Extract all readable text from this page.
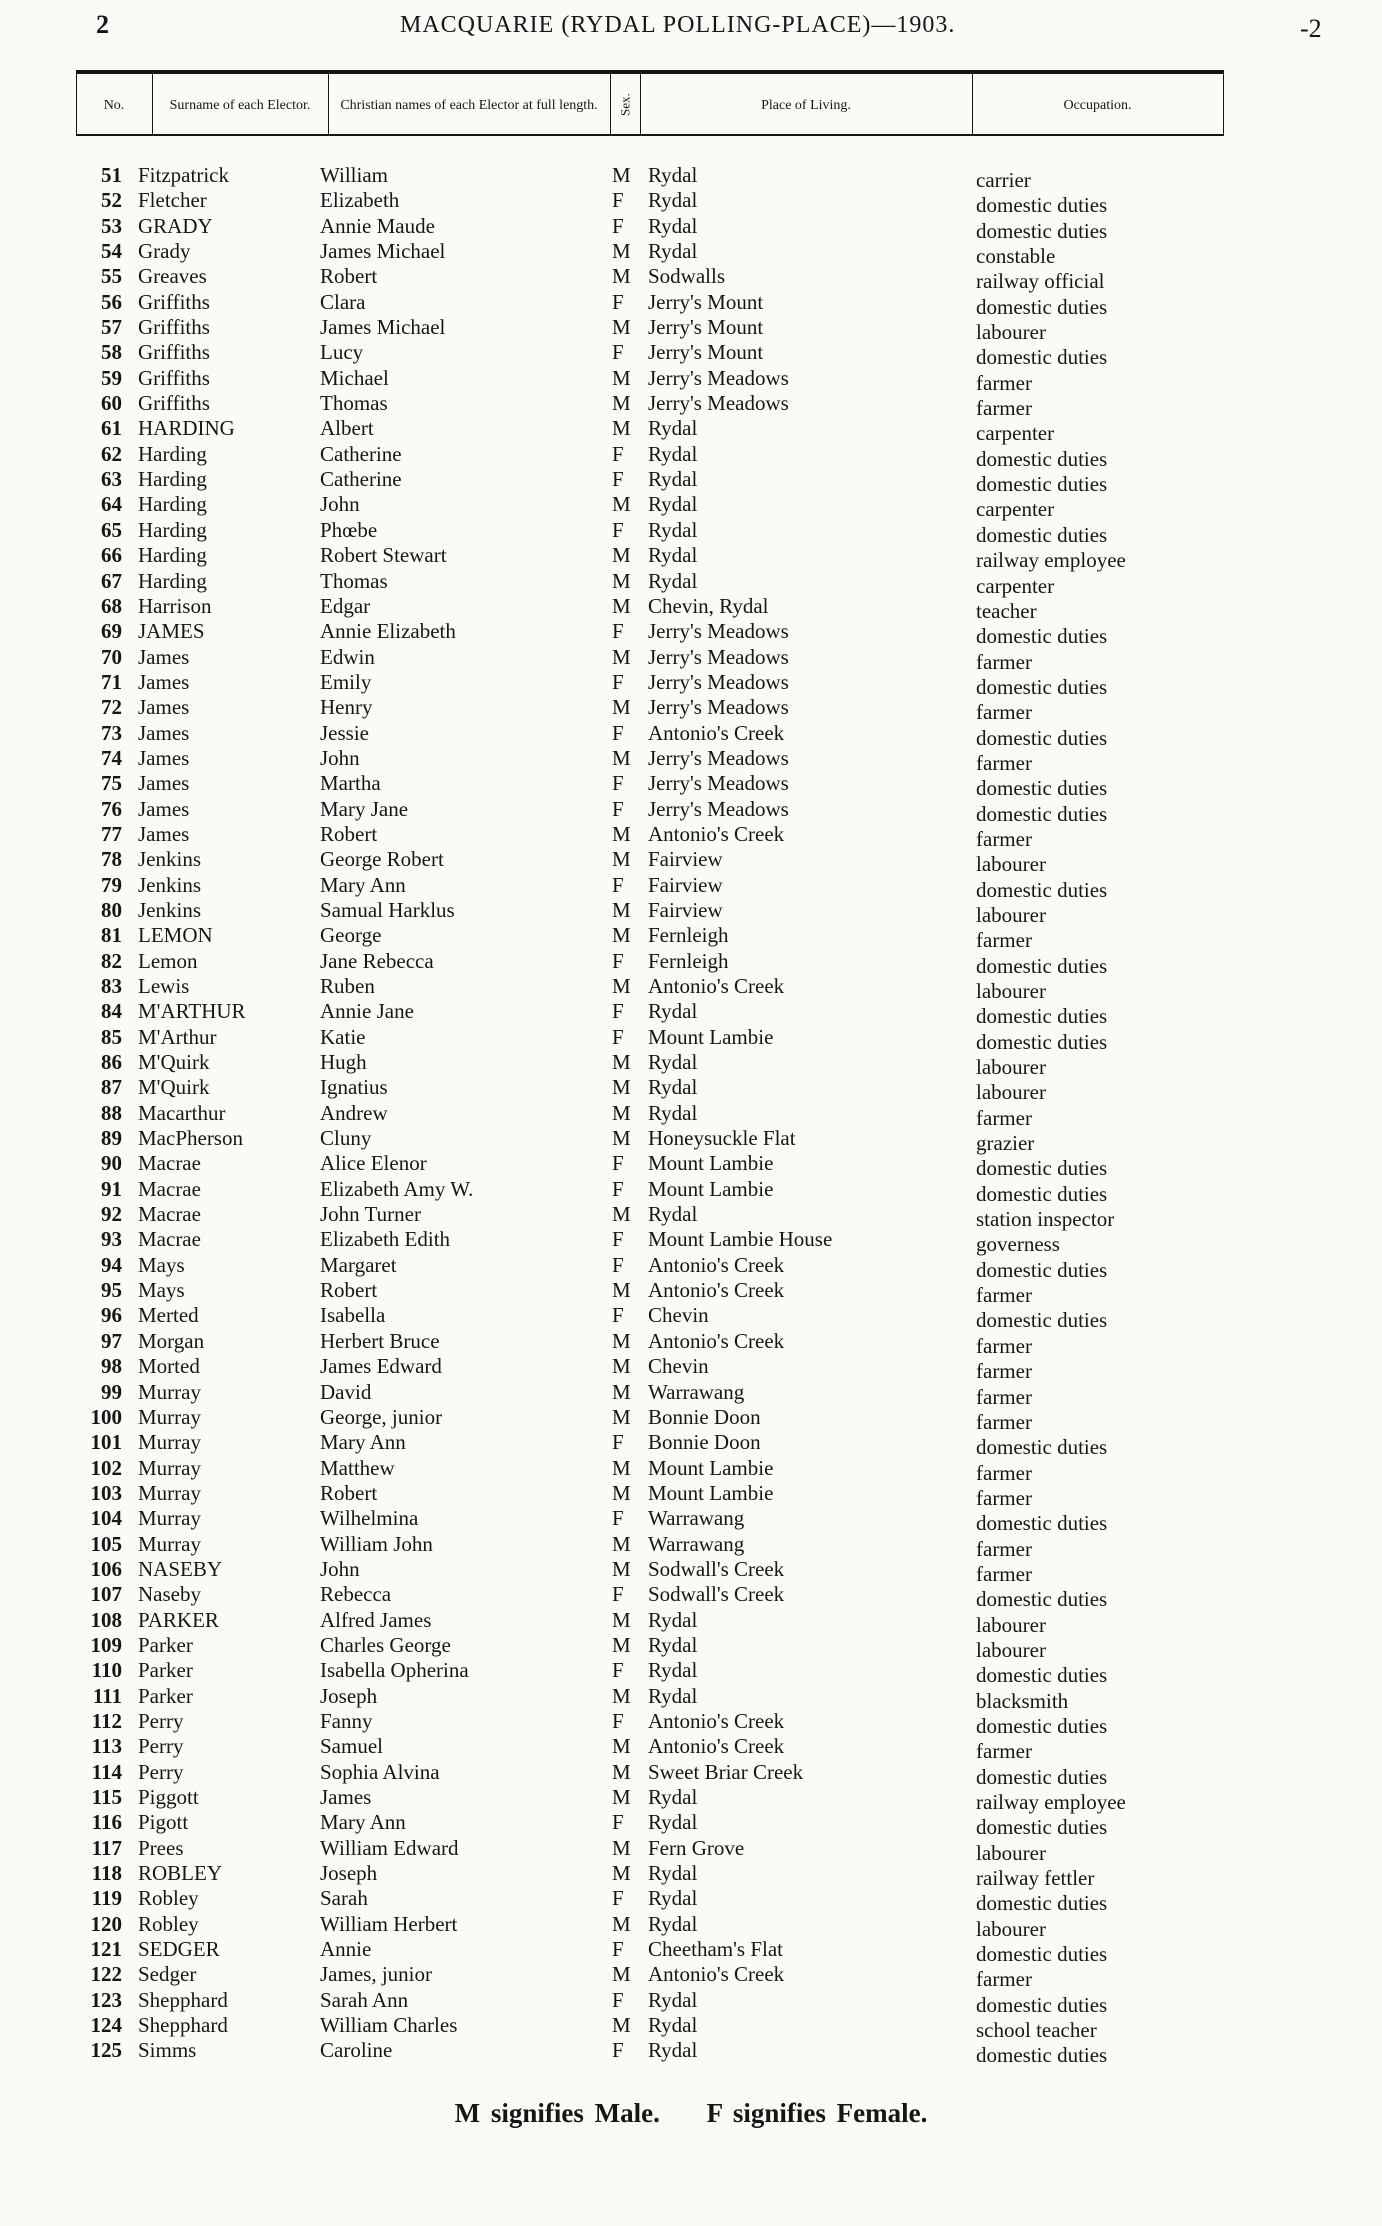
2	MACQUARIE (RYDAL POLLING-PLACE)—1903.	-2
No.	Surname of each Elector.	Christian names of each Elector at full length.	Sex.	Place of Living.	Occupation.
51 Fitzpatrick	William	M Rydal	carrier
52 Fletcher	Elizabeth	F Rydal	domestic duties
53 GRADY	Annie Maude	F Rydal	domestic duties
54 Grady	James Michael	M Rydal	constable
55 Greaves	Robert	M Sodwalls	railway official
56 Griffiths	Clara	F Jerry's Mount	domestic duties
57 Griffiths	James Michael	M Jerry's Mount	labourer
58 Griffiths	Lucy	F Jerry's Mount	domestic duties
59 Griffiths	Michael	M Jerry's Meadows	farmer
60 Griffiths	Thomas	M Jerry's Meadows	farmer
61 HARDING	Albert	M Rydal	carpenter
62 Harding	Catherine	F Rydal	domestic duties
63 Harding	Catherine	F Rydal	domestic duties
64 Harding	John	M Rydal	carpenter
65 Harding	Phœbe	F Rydal	domestic duties
66 Harding	Robert Stewart	M Rydal	railway employee
67 Harding	Thomas	M Rydal	carpenter
68 Harrison	Edgar	M Chevin, Rydal	teacher
69 JAMES	Annie Elizabeth	F Jerry's Meadows	domestic duties
70 James	Edwin	M Jerry's Meadows	farmer
71 James	Emily	F Jerry's Meadows	domestic duties
72 James	Henry	M Jerry's Meadows	farmer
73 James	Jessie	F Antonio's Creek	domestic duties
74 James	John	M Jerry's Meadows	farmer
75 James	Martha	F Jerry's Meadows	domestic duties
76 James	Mary Jane	F Jerry's Meadows	domestic duties
77 James	Robert	M Antonio's Creek	farmer
78 Jenkins	George Robert	M Fairview	labourer
79 Jenkins	Mary Ann	F Fairview	domestic duties
80 Jenkins	Samual Harklus	M Fairview	labourer
81 LEMON	George	M Fernleigh	farmer
82 Lemon	Jane Rebecca	F Fernleigh	domestic duties
83 Lewis	Ruben	M Antonio's Creek	labourer
84 M'ARTHUR	Annie Jane	F Rydal	domestic duties
85 M'Arthur	Katie	F Mount Lambie	domestic duties
86 M'Quirk	Hugh	M Rydal	labourer
87 M'Quirk	Ignatius	M Rydal	labourer
88 Macarthur	Andrew	M Rydal	farmer
89 MacPherson	Cluny	M Honeysuckle Flat	grazier
90 Macrae	Alice Elenor	F Mount Lambie	domestic duties
91 Macrae	Elizabeth Amy W.	F Mount Lambie	domestic duties
92 Macrae	John Turner	M Rydal	station inspector
93 Macrae	Elizabeth Edith	F Mount Lambie House	governess
94 Mays	Margaret	F Antonio's Creek	domestic duties
95 Mays	Robert	M Antonio's Creek	farmer
96 Merted	Isabella	F Chevin	domestic duties
97 Morgan	Herbert Bruce	M Antonio's Creek	farmer
98 Morted	James Edward	M Chevin	farmer
99 Murray	David	M Warrawang	farmer
100 Murray	George, junior	M Bonnie Doon	farmer
101 Murray	Mary Ann	F Bonnie Doon	domestic duties
102 Murray	Matthew	M Mount Lambie	farmer
103 Murray	Robert	M Mount Lambie	farmer
104 Murray	Wilhelmina	F Warrawang	domestic duties
105 Murray	William John	M Warrawang	farmer
106 NASEBY	John	M Sodwall's Creek	farmer
107 Naseby	Rebecca	F Sodwall's Creek	domestic duties
108 PARKER	Alfred James	M Rydal	labourer
109 Parker	Charles George	M Rydal	labourer
110 Parker	Isabella Opherina	F Rydal	domestic duties
111 Parker	Joseph	M Rydal	blacksmith
112 Perry	Fanny	F Antonio's Creek	domestic duties
113 Perry	Samuel	M Antonio's Creek	farmer
114 Perry	Sophia Alvina	M Sweet Briar Creek	domestic duties
115 Piggott	James	M Rydal	railway employee
116 Pigott	Mary Ann	F Rydal	domestic duties
117 Prees	William Edward	M Fern Grove	labourer
118 ROBLEY	Joseph	M Rydal	railway fettler
119 Robley	Sarah	F Rydal	domestic duties
120 Robley	William Herbert	M Rydal	labourer
121 SEDGER	Annie	F Cheetham's Flat	domestic duties
122 Sedger	James, junior	M Antonio's Creek	farmer
123 Shepphard	Sarah Ann	F Rydal	domestic duties
124 Shepphard	William Charles	M Rydal	school teacher
125 Simms	Caroline	F Rydal	domestic duties
M signifies Male. F signifies Female.
